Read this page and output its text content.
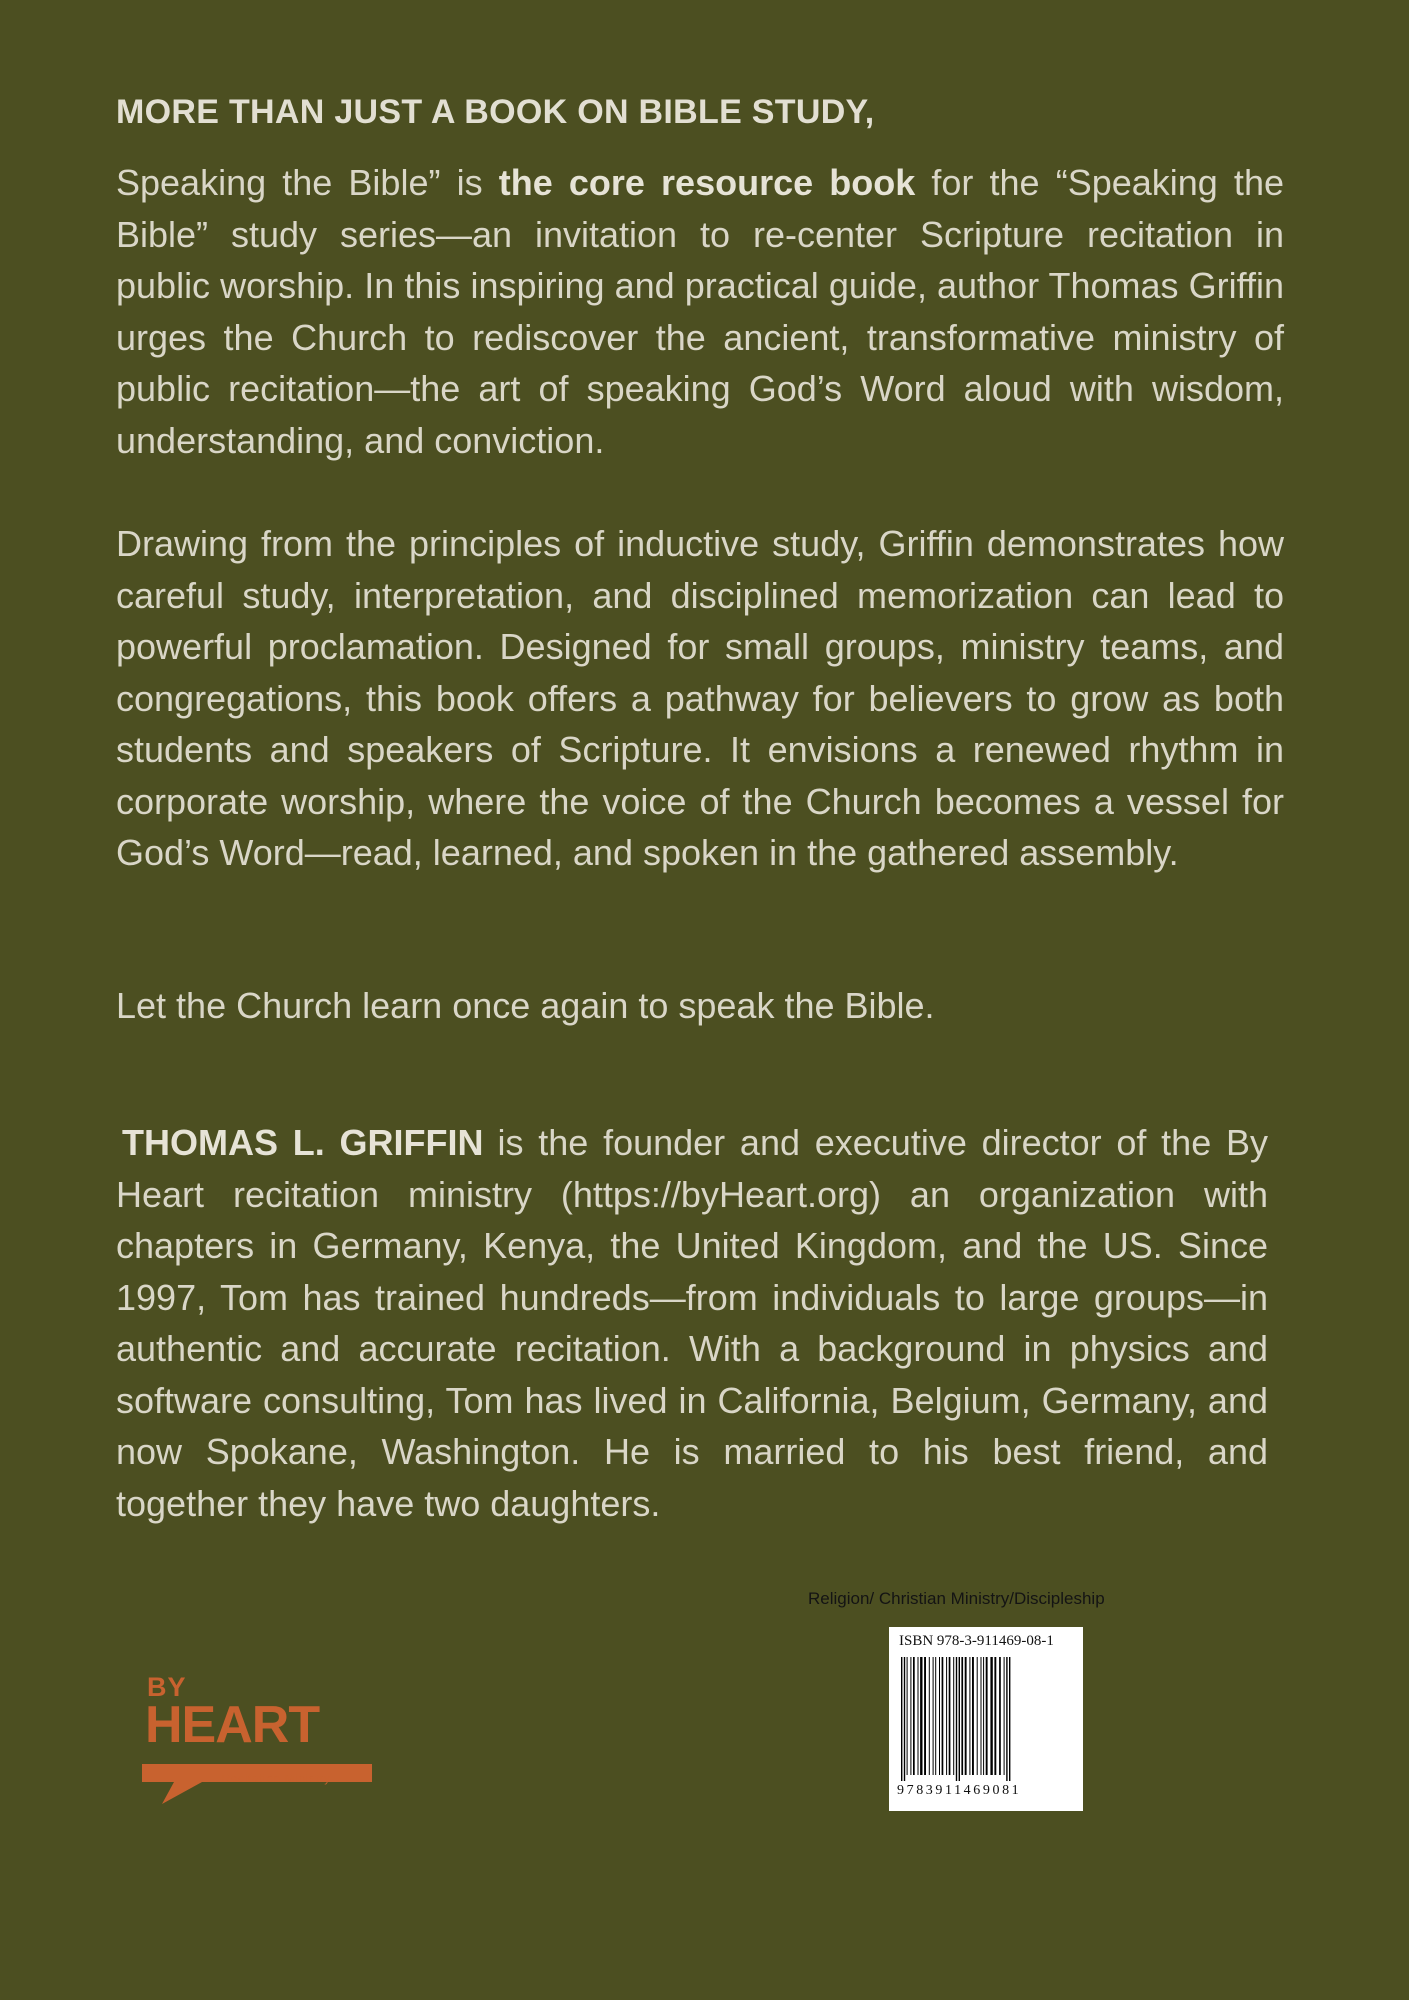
MORE THAN JUST A BOOK ON BIBLE STUDY,

Speaking the Bible” is the core resource book for the “Speaking the Bible” study series—an invitation to re-center Scripture recitation in public worship. In this inspiring and practical guide, author Thomas Griffin urges the Church to rediscover the ancient, transformative ministry of public recitation—the art of speaking God’s Word aloud with wisdom, understanding, and conviction.

Drawing from the principles of inductive study, Griffin demonstrates how careful study, interpretation, and disciplined memorization can lead to powerful proclamation. Designed for small groups, ministry teams, and congregations, this book offers a pathway for believers to grow as both students and speakers of Scripture. It envisions a renewed rhythm in corporate worship, where the voice of the Church becomes a vessel for God’s Word—read, learned, and spoken in the gathered assembly.

Let the Church learn once again to speak the Bible.

THOMAS L. GRIFFIN is the founder and executive director of the By Heart recitation ministry (https://byHeart.org) an organization with chapters in Germany, Kenya, the United Kingdom, and the US. Since 1997, Tom has trained hundreds—from individuals to large groups—in authentic and accurate recitation. With a background in physics and software consulting, Tom has lived in California, Belgium, Germany, and now Spokane, Washington. He is married to his best friend, and together they have two daughters.

BY
HEART
Recitation Ministry
Religion/ Christian Ministry/Discipleship
ISBN 978-3-911469-08-1
9783911469081
